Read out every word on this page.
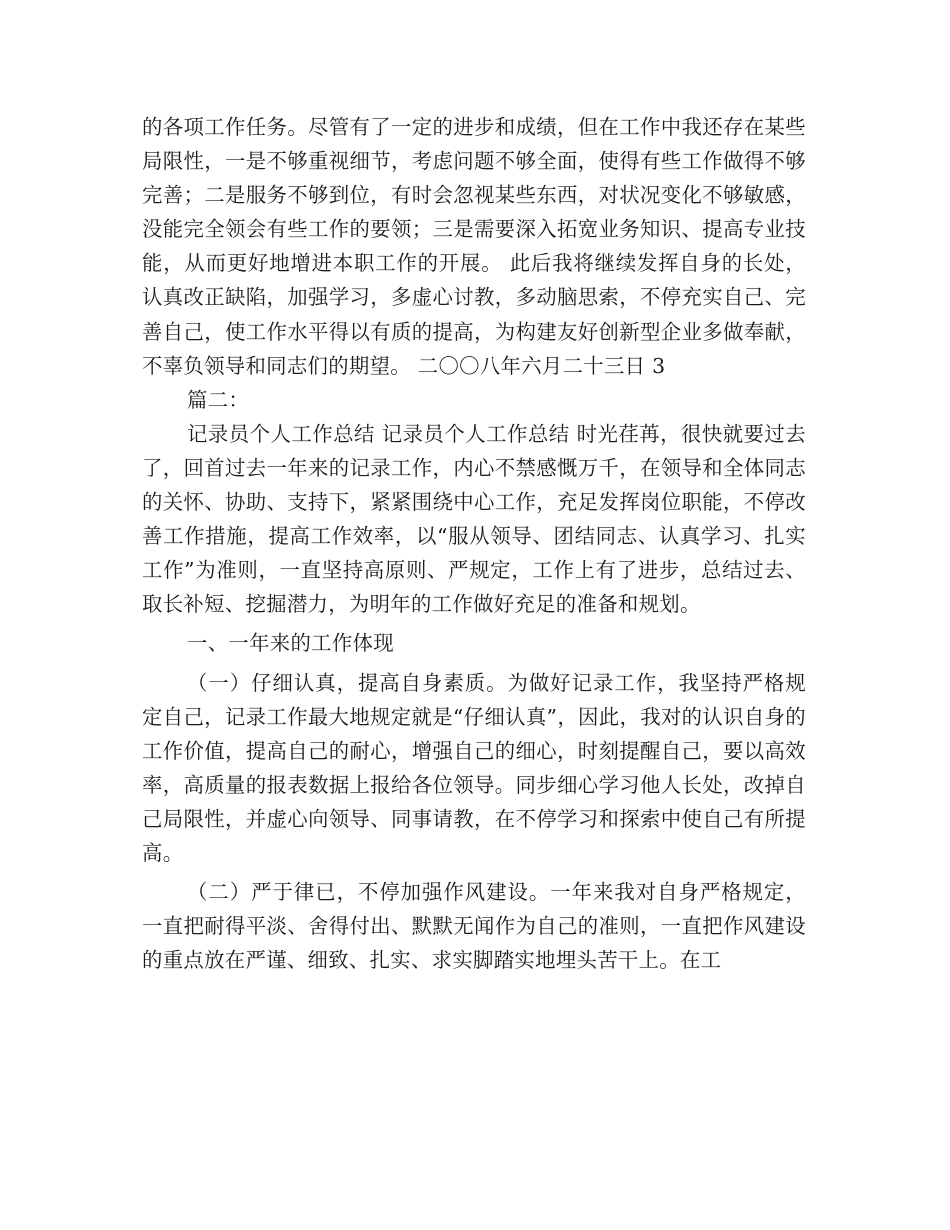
的各项工作任务。尽管有了一定的进步和成绩，但在工作中我还存在某些局限性，一是不够重视细节，考虑问题不够全面，使得有些工作做得不够完善；二是服务不够到位，有时会忽视某些东西，对状况变化不够敏感，没能完全领会有些工作的要领；三是需要深入拓宽业务知识、提高专业技能，从而更好地增进本职工作的开展。 此后我将继续发挥自身的长处，认真改正缺陷，加强学习，多虚心讨教，多动脑思索，不停充实自己、完善自己，使工作水平得以有质的提高，为构建友好创新型企业多做奉献，不辜负领导和同志们的期望。 二〇〇八年六月二十三日 3

篇二：

记录员个人工作总结 记录员个人工作总结 时光荏苒，很快就要过去了，回首过去一年来的记录工作，内心不禁感慨万千，在领导和全体同志的关怀、协助、支持下，紧紧围绕中心工作，充足发挥岗位职能，不停改善工作措施，提高工作效率，以“服从领导、团结同志、认真学习、扎实工作”为准则，一直坚持高原则、严规定，工作上有了进步，总结过去、取长补短、挖掘潜力，为明年的工作做好充足的准备和规划。

一、一年来的工作体现

（一）仔细认真，提高自身素质。为做好记录工作，我坚持严格规定自己，记录工作最大地规定就是“仔细认真”，因此，我对的认识自身的工作价值，提高自己的耐心，增强自己的细心，时刻提醒自己，要以高效率，高质量的报表数据上报给各位领导。同步细心学习他人长处，改掉自己局限性，并虚心向领导、同事请教，在不停学习和探索中使自己有所提高。

（二）严于律已，不停加强作风建设。一年来我对自身严格规定，一直把耐得平淡、舍得付出、默默无闻作为自己的准则，一直把作风建设的重点放在严谨、细致、扎实、求实脚踏实地埋头苦干上。在工
